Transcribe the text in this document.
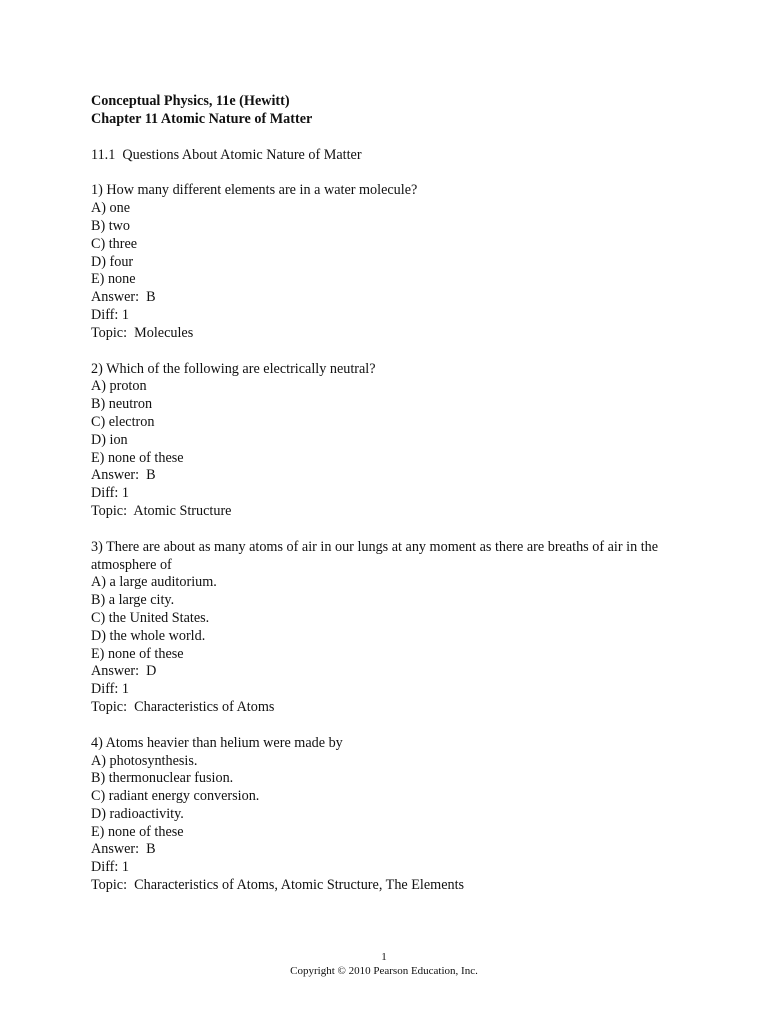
Conceptual Physics, 11e (Hewitt)
Chapter 11 Atomic Nature of Matter
11.1  Questions About Atomic Nature of Matter
1) How many different elements are in a water molecule?
A) one
B) two
C) three
D) four
E) none
Answer:  B
Diff: 1
Topic:  Molecules
2) Which of the following are electrically neutral?
A) proton
B) neutron
C) electron
D) ion
E) none of these
Answer:  B
Diff: 1
Topic:  Atomic Structure
3) There are about as many atoms of air in our lungs at any moment as there are breaths of air in the atmosphere of
A) a large auditorium.
B) a large city.
C) the United States.
D) the whole world.
E) none of these
Answer:  D
Diff: 1
Topic:  Characteristics of Atoms
4) Atoms heavier than helium were made by
A) photosynthesis.
B) thermonuclear fusion.
C) radiant energy conversion.
D) radioactivity.
E) none of these
Answer:  B
Diff: 1
Topic:  Characteristics of Atoms, Atomic Structure, The Elements
1
Copyright © 2010 Pearson Education, Inc.
